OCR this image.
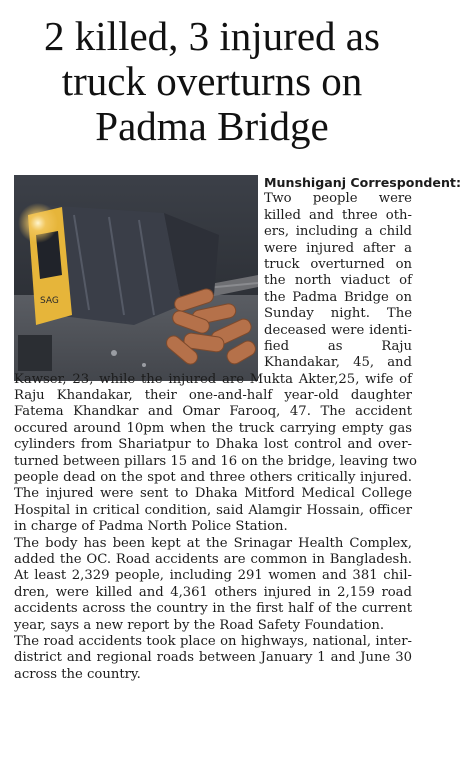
2 killed, 3 injured as
truck overturns on
Padma Bridge
SAG
Munshiganj Correspondent:
Two people were
killed and three oth-
ers, including a child
were injured after a
truck overturned on
the north viaduct of
the Padma Bridge on
Sunday night. The
deceased were identi-
fied as Raju
Khandakar, 45, and
Kawser, 23, while the injured are Mukta Akter,25, wife of
Raju Khandakar, their one-and-half year-old daughter
Fatema Khandkar and Omar Farooq, 47. The accident
occured around 10pm when the truck carrying empty gas
cylinders from Shariatpur to Dhaka lost control and over-
turned between pillars 15 and 16 on the bridge, leaving two
people dead on the spot and three others critically injured.
The injured were sent to Dhaka Mitford Medical College
Hospital in critical condition, said Alamgir Hossain, officer
in charge of Padma North Police Station.
The body has been kept at the Srinagar Health Complex,
added the OC. Road accidents are common in Bangladesh.
At least 2,329 people, including 291 women and 381 chil-
dren, were killed and 4,361 others injured in 2,159 road
accidents across the country in the first half of the current
year, says a new report by the Road Safety Foundation.
The road accidents took place on highways, national, inter-
district and regional roads between January 1 and June 30
across the country.
